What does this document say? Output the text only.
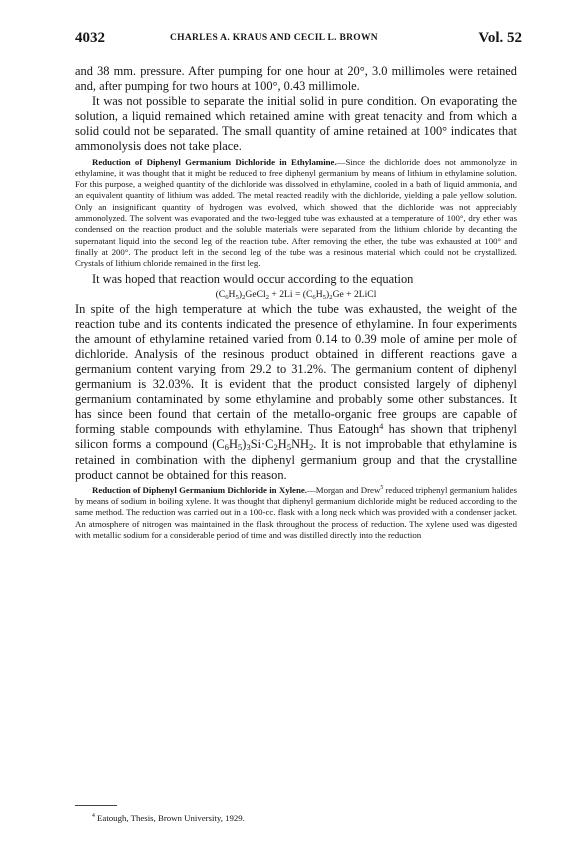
4032	CHARLES A. KRAUS AND CECIL L. BROWN	Vol. 52

and 38 mm. pressure. After pumping for one hour at 20°, 3.0 millimoles were retained and, after pumping for two hours at 100°, 0.43 millimole.

It was not possible to separate the initial solid in pure condition. On evaporating the solution, a liquid remained which retained amine with great tenacity and from which a solid could not be separated. The small quantity of amine retained at 100° indicates that ammonolysis does not take place.

Reduction of Diphenyl Germanium Dichloride in Ethylamine.—Since the dichloride does not ammonolyze in ethylamine, it was thought that it might be reduced to free diphenyl germanium by means of lithium in ethylamine solution. For this purpose, a weighed quantity of the dichloride was dissolved in ethylamine, cooled in a bath of liquid ammonia, and an equivalent quantity of lithium was added. The metal reacted readily with the dichloride, yielding a pale yellow solution. Only an insignificant quantity of hydrogen was evolved, which showed that the dichloride was not appreciably ammonolyzed. The solvent was evaporated and the two-legged tube was exhausted at a temperature of 100°, dry ether was condensed on the reaction product and the soluble materials were separated from the lithium chloride by decanting the supernatant liquid into the second leg of the reaction tube. After removing the ether, the tube was exhausted at 100° and finally at 200°. The product left in the second leg of the tube was a resinous material which could not be crystallized. Crystals of lithium chloride remained in the first leg.

It was hoped that reaction would occur according to the equation

$(C_6H_5)_2GeCl_2 + 2Li = (C_6H_5)_2Ge$ + 2LiCl

In spite of the high temperature at which the tube was exhausted, the weight of the reaction tube and its contents indicated the presence of ethylamine. In four experiments the amount of ethylamine retained varied from 0.14 to 0.39 mole of amine per mole of dichloride. Analysis of the resinous product obtained in different reactions gave a germanium content varying from 29.2 to 31.2%. The germanium content of diphenyl germanium is 32.03%. It is evident that the product consisted largely of diphenyl germanium contaminated by some ethylamine and probably some other substances. It has since been found that certain of the metallo-organic free groups are capable of forming stable compounds with ethylamine. Thus Eatough$^4$ has shown that triphenyl silicon forms a compound $(C_6H_5)_3Si\cdot C_2H_5NH_2$. It is not improbable that ethylamine is retained in combination with the diphenyl germanium group and that the crystalline product cannot be obtained for this reason.

Reduction of Diphenyl Germanium Dichloride in Xylene.—Morgan and Drew$^5$ reduced triphenyl germanium halides by means of sodium in boiling xylene. It was thought that diphenyl germanium dichloride might be reduced according to the same method. The reduction was carried out in a 100-cc. flask with a long neck which was provided with a condenser jacket. An atmosphere of nitrogen was maintained in the flask throughout the process of reduction. The xylene used was digested with metallic sodium for a considerable period of time and was distilled directly into the reduction

$^4$ Eatough, Thesis, Brown University, 1929.
